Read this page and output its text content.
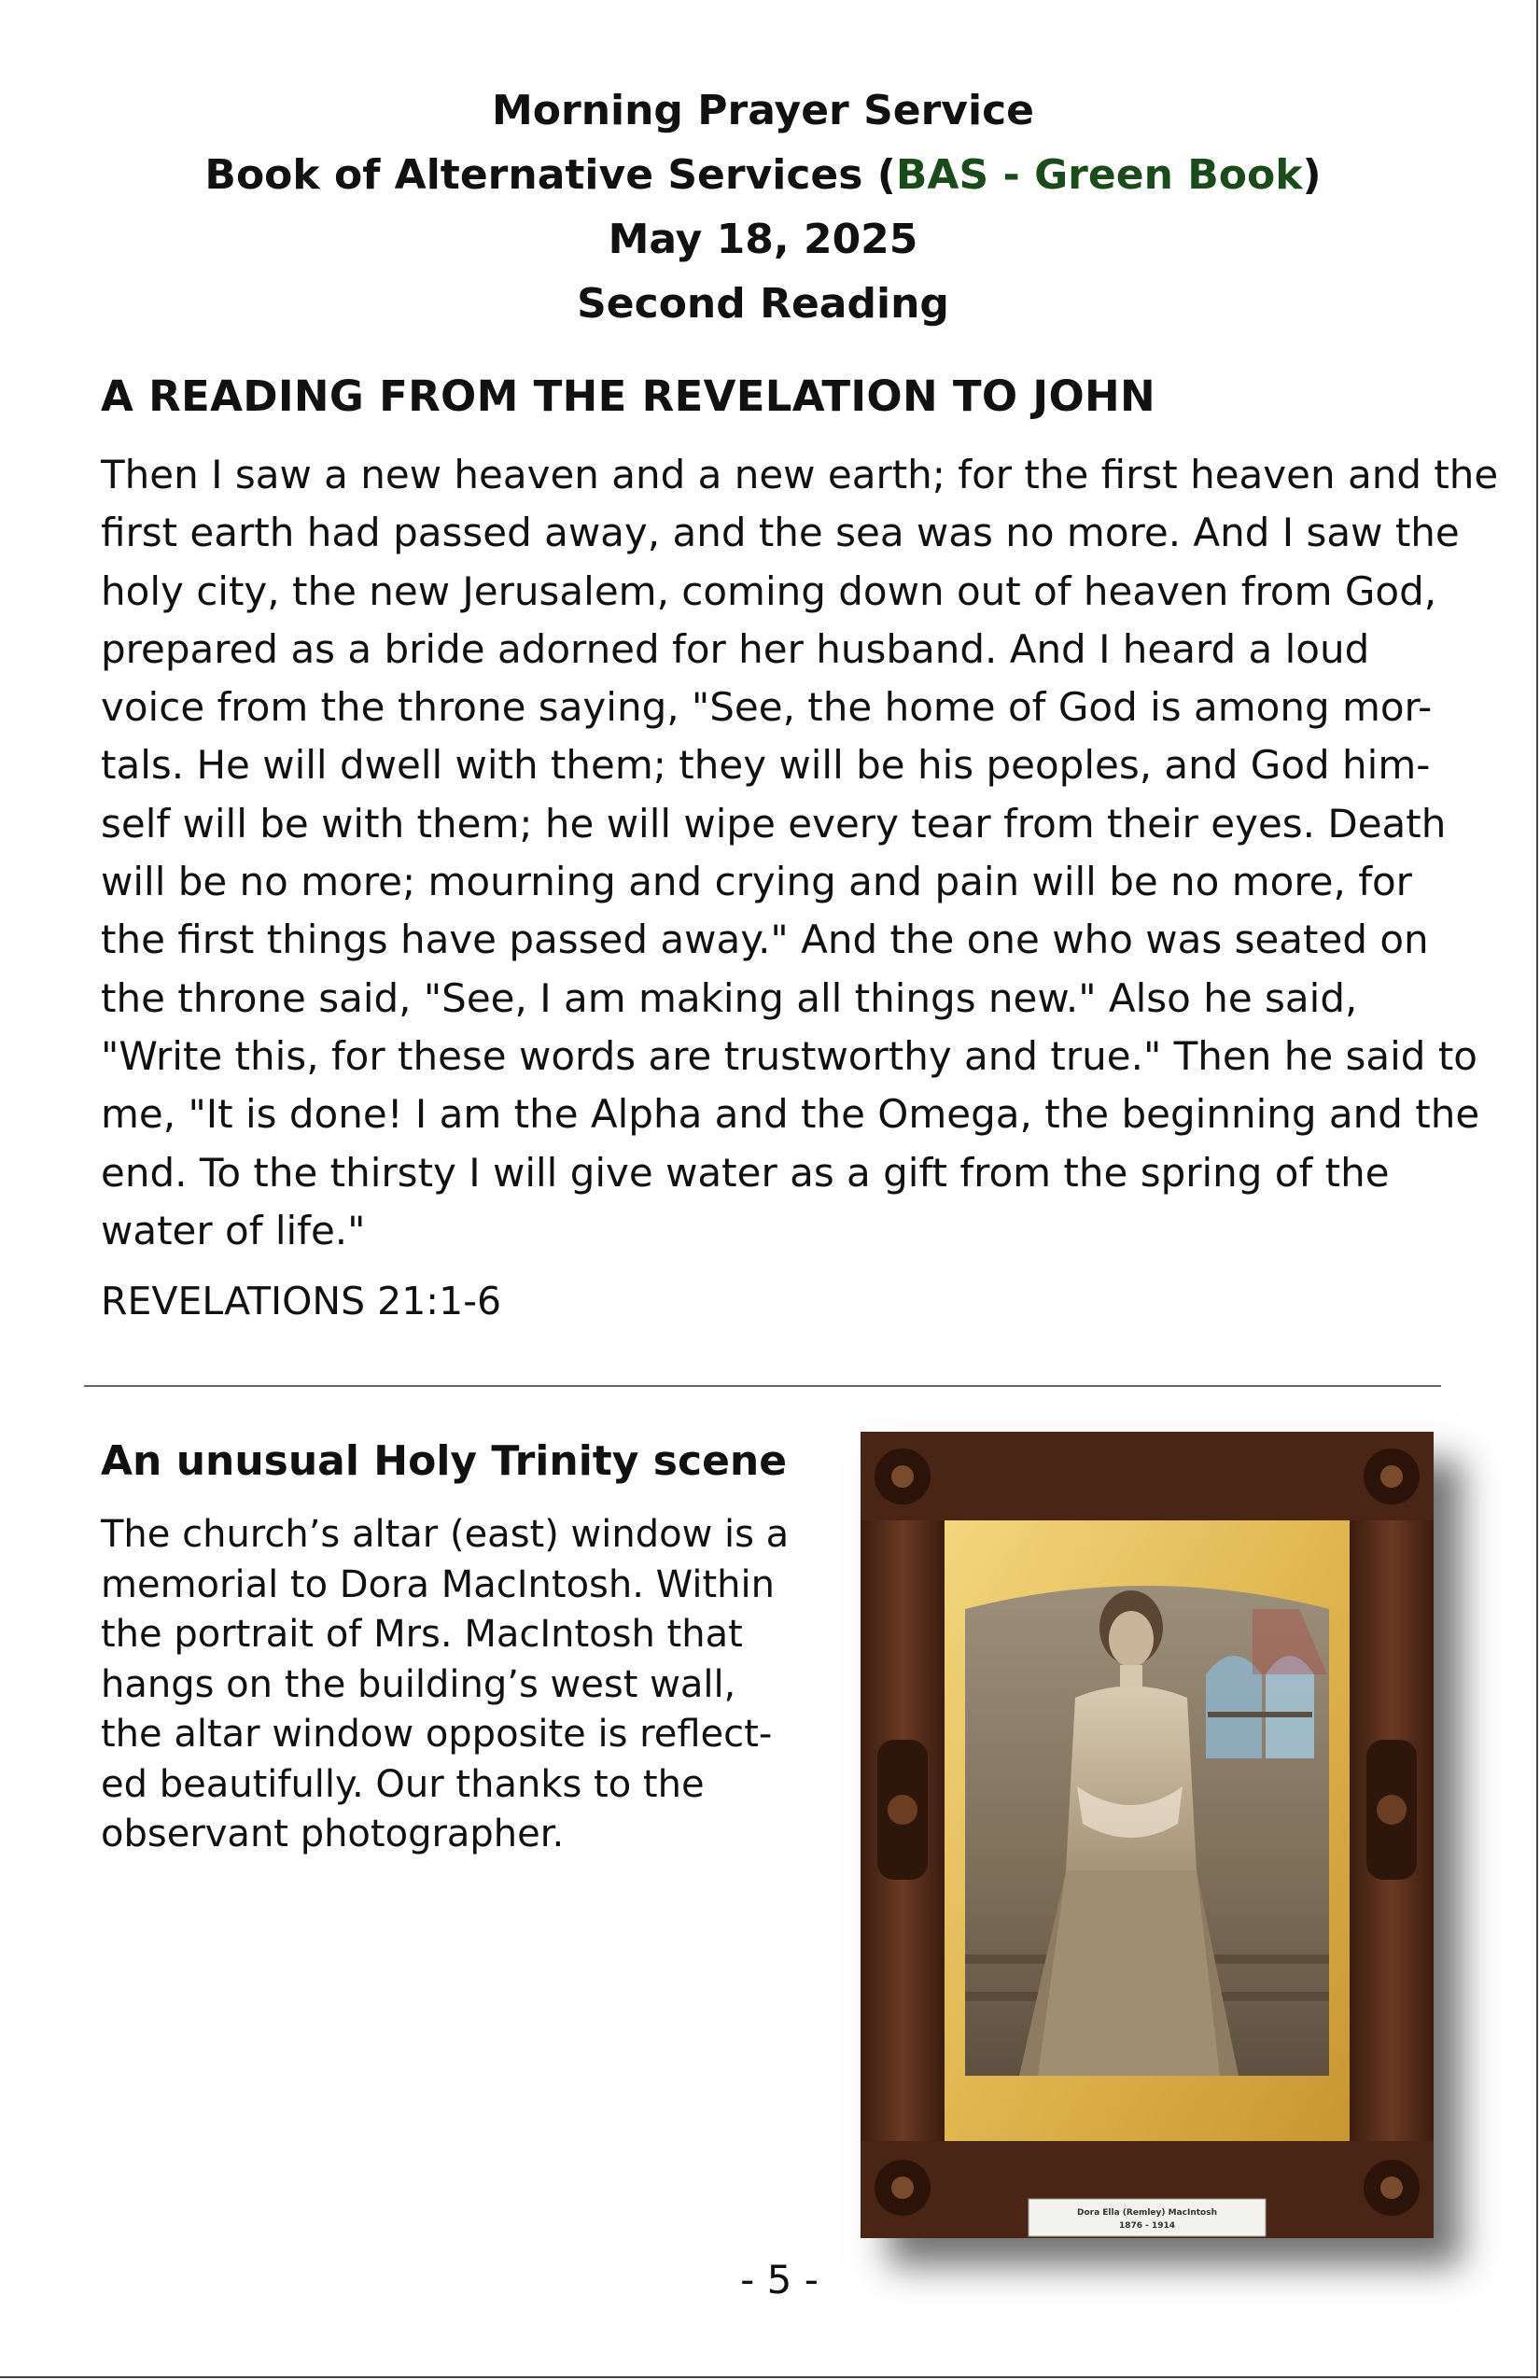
Morning Prayer Service
Book of Alternative Services (BAS - Green Book)
May 18, 2025
Second Reading
A READING FROM THE REVELATION TO JOHN
Then I saw a new heaven and a new earth; for the first heaven and the
first earth had passed away, and the sea was no more. And I saw the
holy city, the new Jerusalem, coming down out of heaven from God,
prepared as a bride adorned for her husband. And I heard a loud
voice from the throne saying, "See, the home of God is among mor-
tals. He will dwell with them; they will be his peoples, and God him-
self will be with them; he will wipe every tear from their eyes. Death
will be no more; mourning and crying and pain will be no more, for
the first things have passed away." And the one who was seated on
the throne said, "See, I am making all things new." Also he said,
"Write this, for these words are trustworthy and true." Then he said to
me, "It is done! I am the Alpha and the Omega, the beginning and the
end. To the thirsty I will give water as a gift from the spring of the
water of life."
REVELATIONS 21:1-6
An unusual Holy Trinity scene
The church’s altar (east) window is a
memorial to Dora MacIntosh. Within
the portrait of Mrs. MacIntosh that
hangs on the building’s west wall,
the altar window opposite is reflect-
ed beautifully. Our thanks to the
observant photographer.
Dora Ella (Remley) MacIntosh
1876 - 1914
- 5 -
